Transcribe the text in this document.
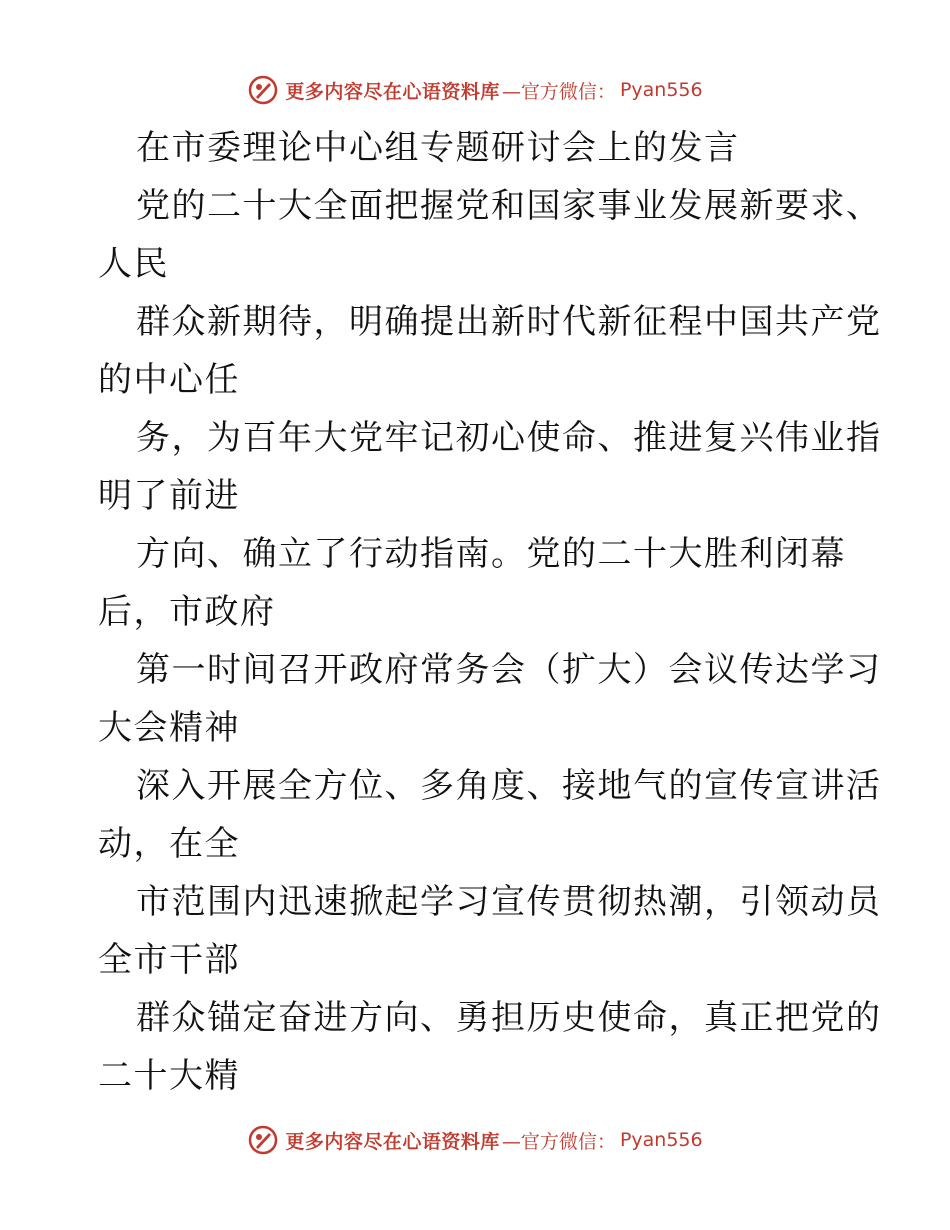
更多内容尽在心语资料库 —官方微信： Pyan556
在市委理论中心组专题研讨会上的发言
党的二十大全面把握党和国家事业发展新要求、
人民
群众新期待，明确提出新时代新征程中国共产党
的中心任
务，为百年大党牢记初心使命、推进复兴伟业指
明了前进
方向、确立了行动指南。党的二十大胜利闭幕
后，市政府
第一时间召开政府常务会（扩大）会议传达学习
大会精神
深入开展全方位、多角度、接地气的宣传宣讲活
动，在全
市范围内迅速掀起学习宣传贯彻热潮，引领动员
全市干部
群众锚定奋进方向、勇担历史使命，真正把党的
二十大精
更多内容尽在心语资料库 —官方微信： Pyan556
